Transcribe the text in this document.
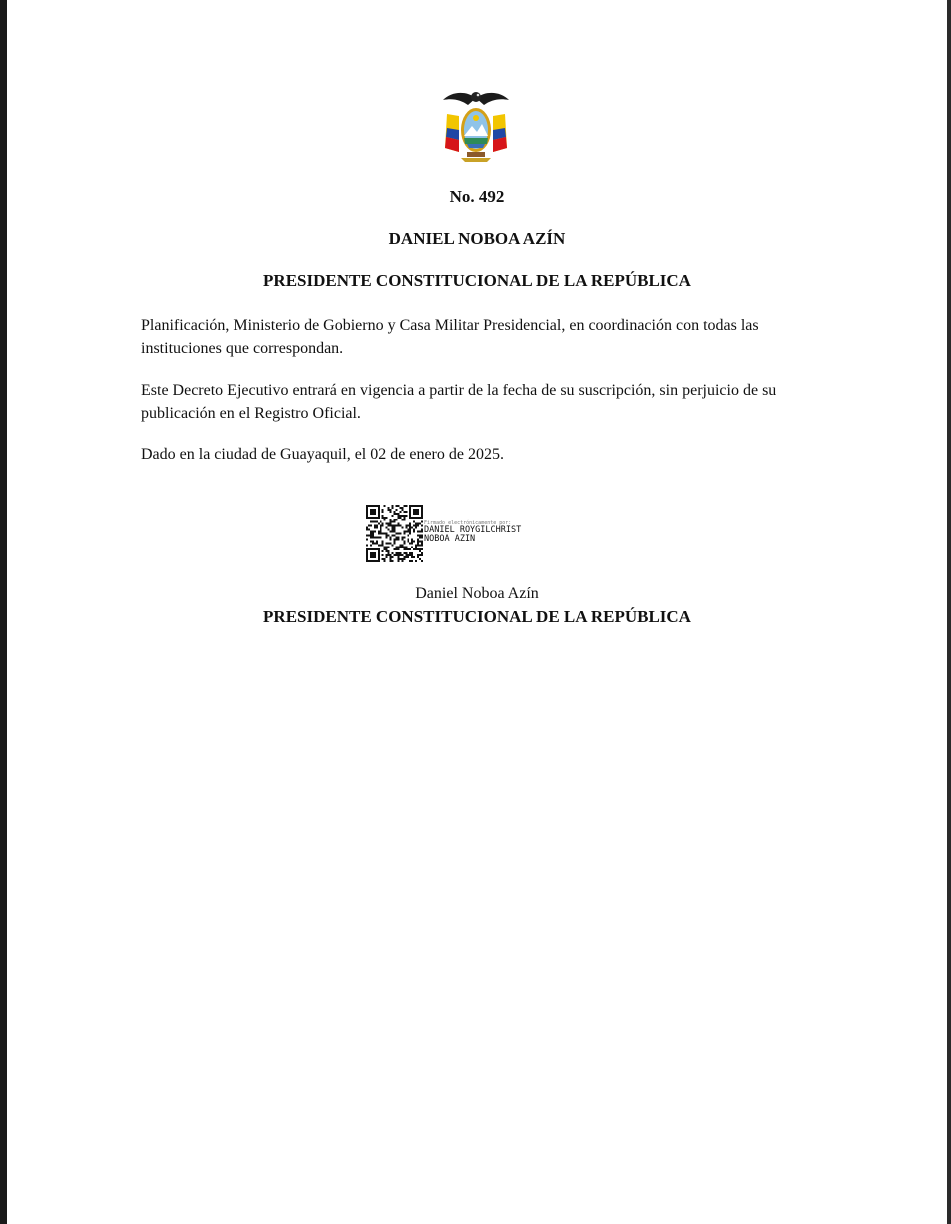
No. 492
DANIEL NOBOA AZÍN
PRESIDENTE CONSTITUCIONAL DE LA REPÚBLICA
Planificación, Ministerio de Gobierno y Casa Militar Presidencial, en coordinación con todas las instituciones que correspondan.
Este Decreto Ejecutivo entrará en vigencia a partir de la fecha de su suscripción, sin perjuicio de su publicación en el Registro Oficial.
Dado en la ciudad de Guayaquil, el 02 de enero de 2025.
Firmado electrónicamente por:
DANIEL ROYGILCHRIST
NOBOA AZIN
Daniel Noboa Azín
PRESIDENTE CONSTITUCIONAL DE LA REPÚBLICA
